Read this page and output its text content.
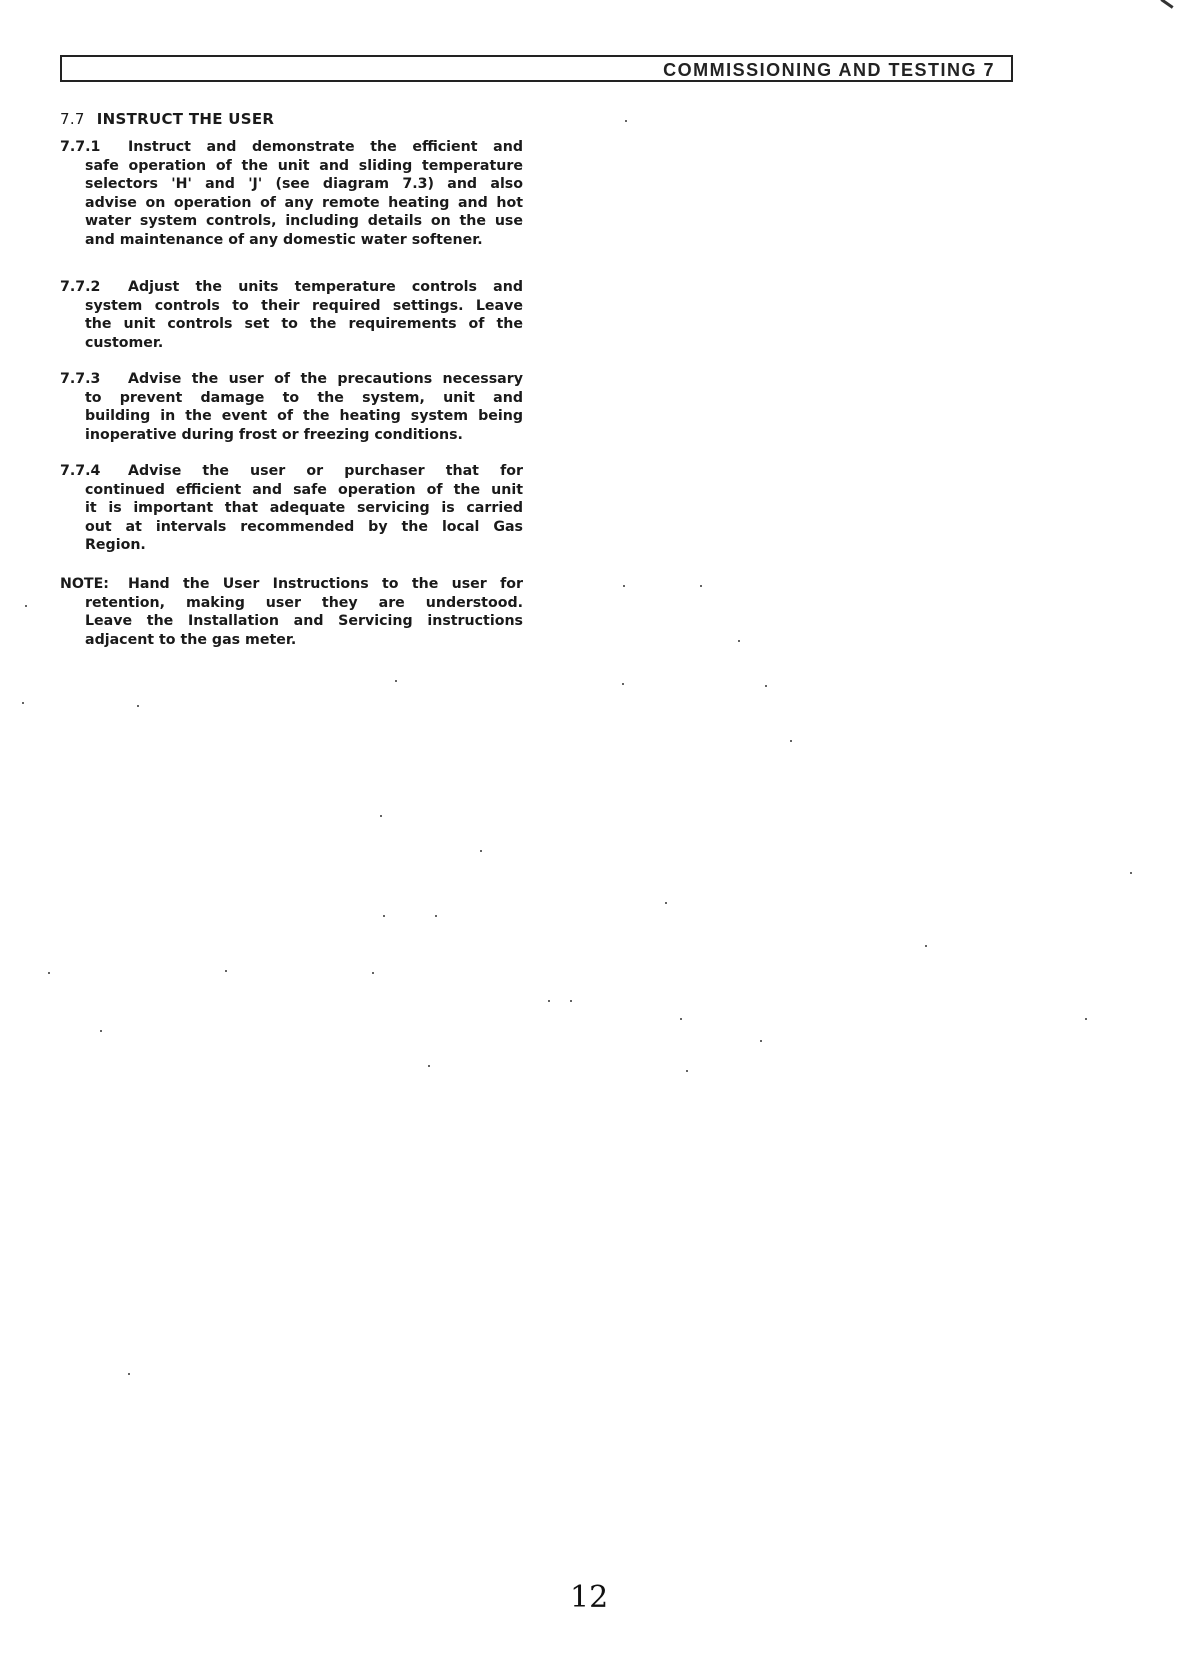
COMMISSIONING AND TESTING 7
7.7 INSTRUCT THE USER
7.7.1 Instruct and demonstrate the efficient and
safe operation of the unit and sliding temperature
selectors 'H' and 'J' (see diagram 7.3) and also
advise on operation of any remote heating and hot
water system controls, including details on the use
and maintenance of any domestic water softener.
7.7.2 Adjust the units temperature controls and
system controls to their required settings. Leave
the unit controls set to the requirements of the
customer.
7.7.3 Advise the user of the precautions necessary
to prevent damage to the system, unit and
building in the event of the heating system being
inoperative during frost or freezing conditions.
7.7.4 Advise the user or purchaser that for
continued efficient and safe operation of the unit
it is important that adequate servicing is carried
out at intervals recommended by the local Gas
Region.
NOTE: Hand the User Instructions to the user for
retention, making user they are understood.
Leave the Installation and Servicing instructions
adjacent to the gas meter.
12
